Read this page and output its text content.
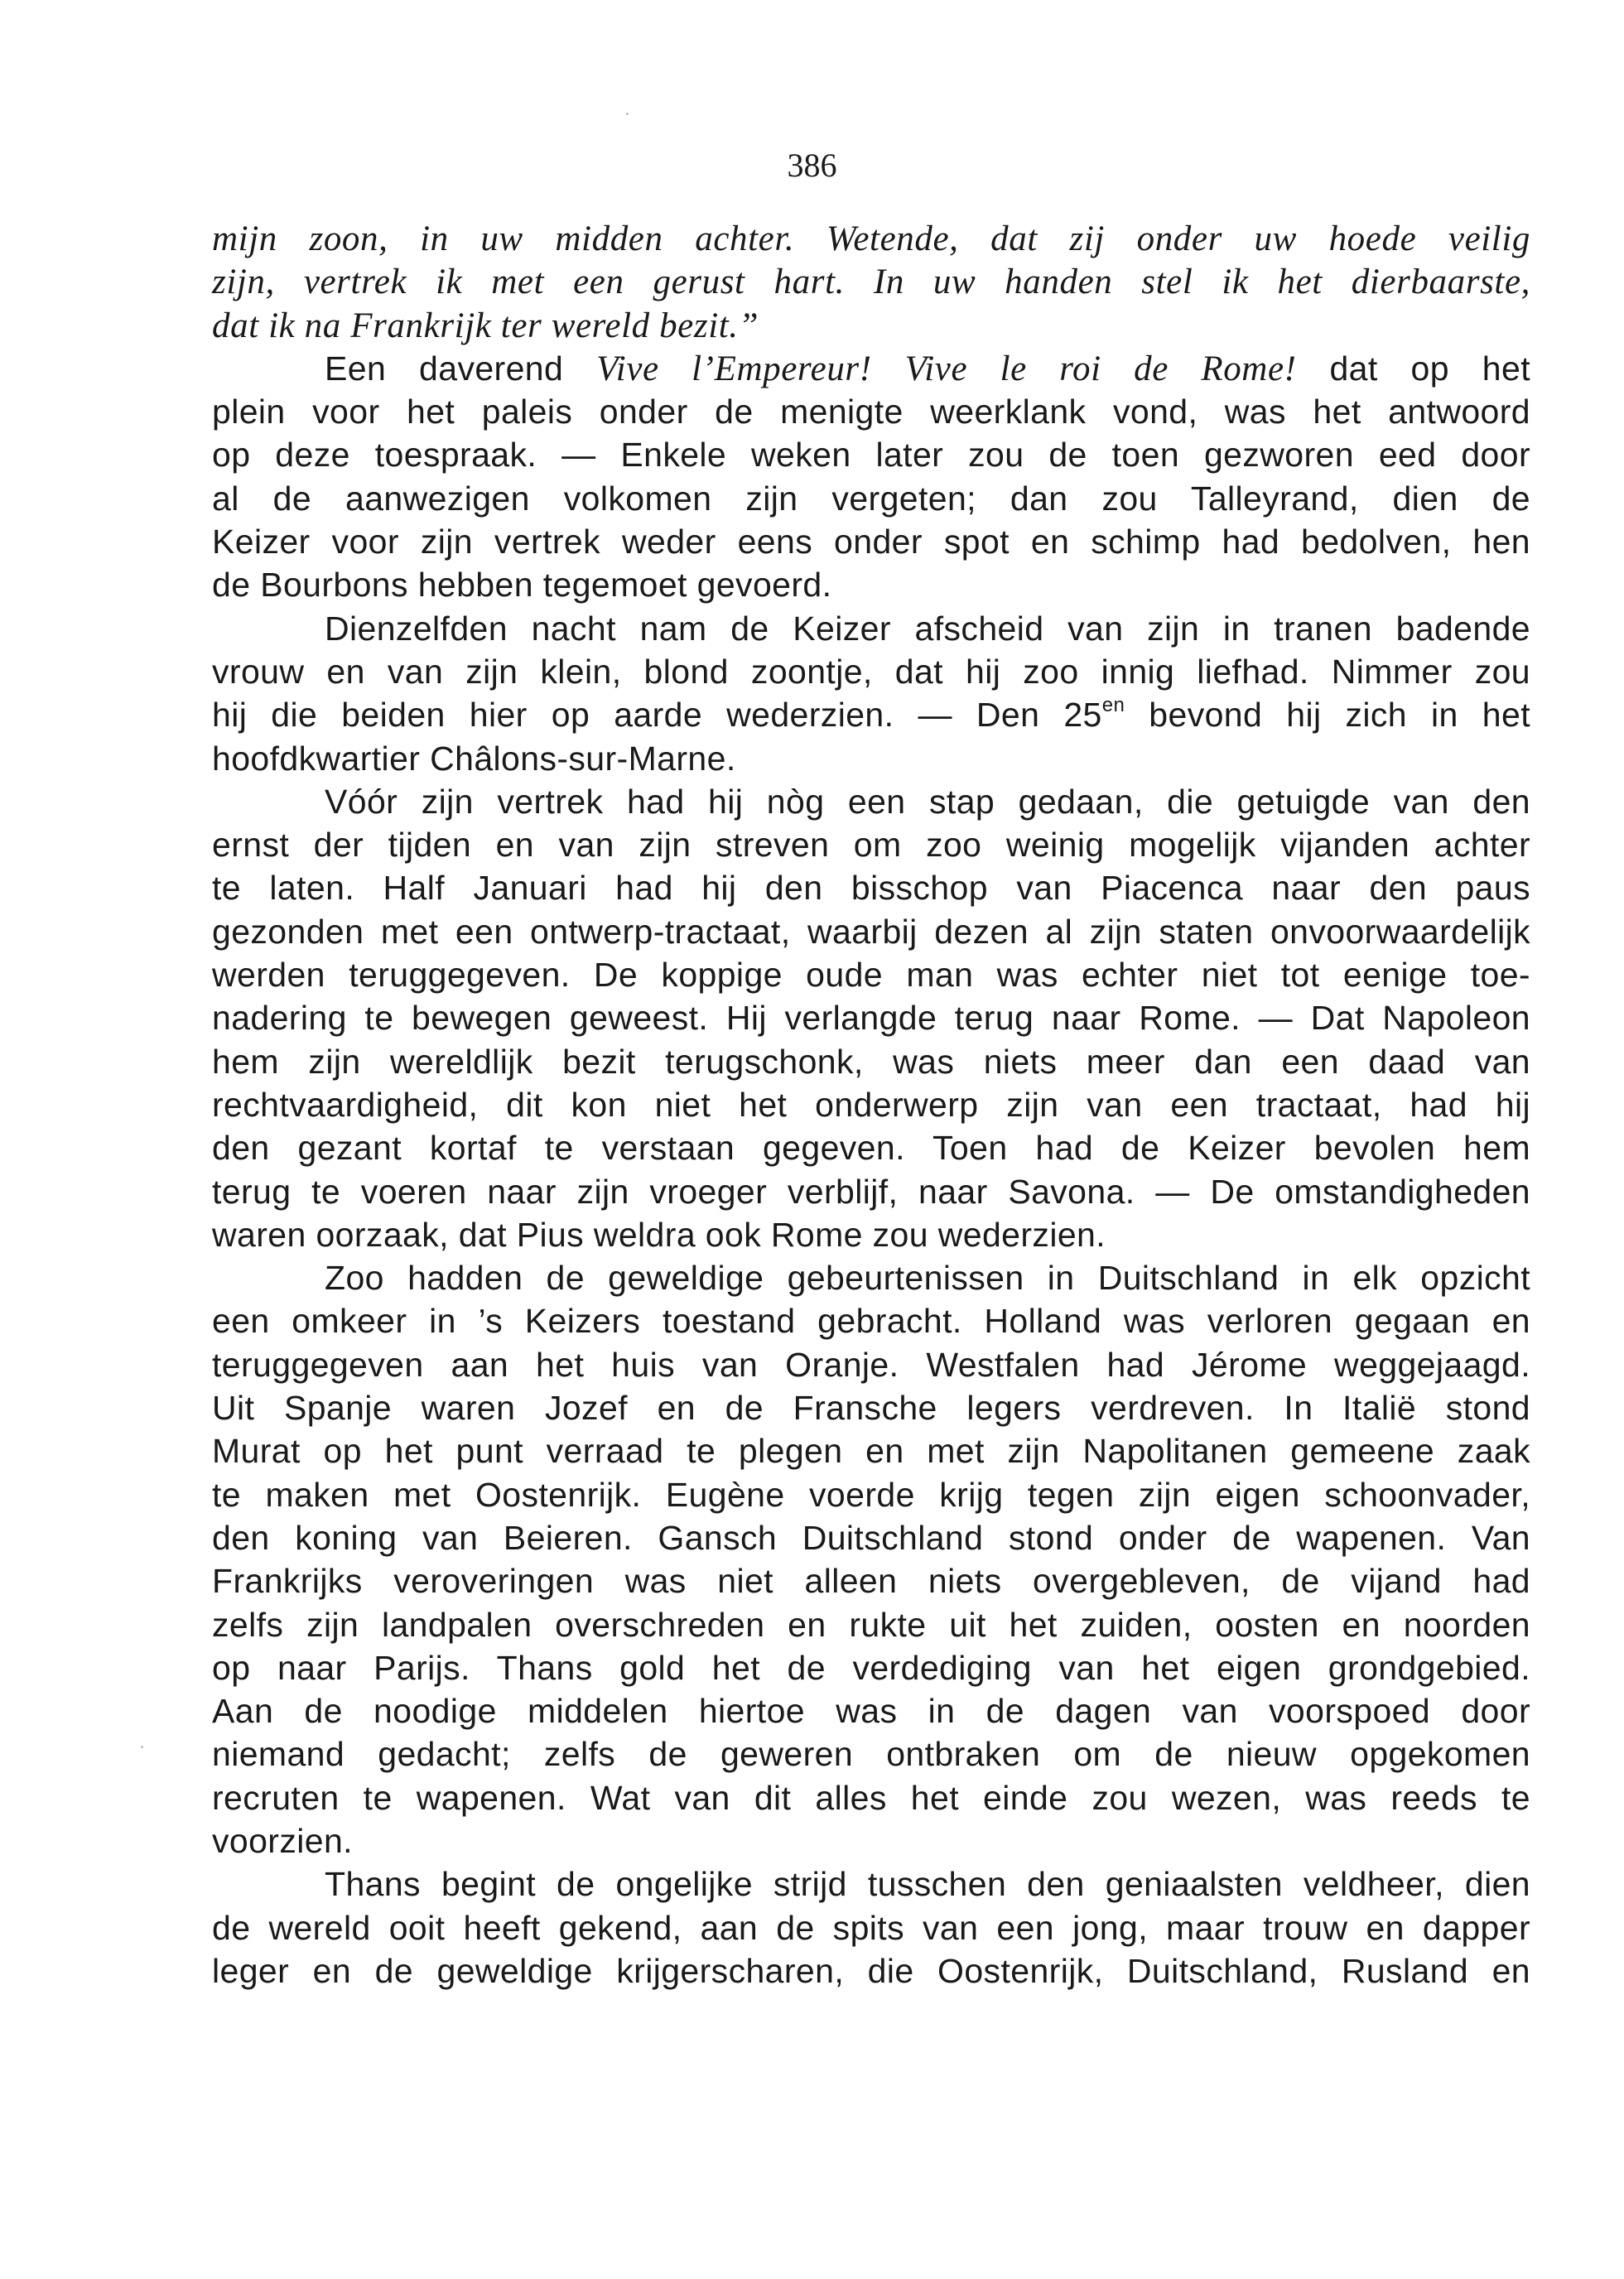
386
mijn zoon, in uw midden achter. Wetende, dat zij onder uw hoede veilig
zijn, vertrek ik met een gerust hart. In uw handen stel ik het dierbaarste,
dat ik na Frankrijk ter wereld bezit.”
Een daverend Vive l’Empereur! Vive le roi de Rome! dat op het
plein voor het paleis onder de menigte weerklank vond, was het antwoord
op deze toespraak. — Enkele weken later zou de toen gezworen eed door
al de aanwezigen volkomen zijn vergeten; dan zou Talleyrand, dien de
Keizer voor zijn vertrek weder eens onder spot en schimp had bedolven, hen
de Bourbons hebben tegemoet gevoerd.
Dienzelfden nacht nam de Keizer afscheid van zijn in tranen badende
vrouw en van zijn klein, blond zoontje, dat hij zoo innig liefhad. Nimmer zou
hij die beiden hier op aarde wederzien. — Den $25^{en}$ bevond hij zich in het
hoofdkwartier Châlons-sur-Marne.
Vóór zijn vertrek had hij nòg een stap gedaan, die getuigde van den
ernst der tijden en van zijn streven om zoo weinig mogelijk vijanden achter
te laten. Half Januari had hij den bisschop van Piacenca naar den paus
gezonden met een ontwerp-tractaat, waarbij dezen al zijn staten onvoorwaardelijk
werden teruggegeven. De koppige oude man was echter niet tot eenige toe-
nadering te bewegen geweest. Hij verlangde terug naar Rome. — Dat Napoleon
hem zijn wereldlijk bezit terugschonk, was niets meer dan een daad van
rechtvaardigheid, dit kon niet het onderwerp zijn van een tractaat, had hij
den gezant kortaf te verstaan gegeven. Toen had de Keizer bevolen hem
terug te voeren naar zijn vroeger verblijf, naar Savona. — De omstandigheden
waren oorzaak, dat Pius weldra ook Rome zou wederzien.
Zoo hadden de geweldige gebeurtenissen in Duitschland in elk opzicht
een omkeer in ’s Keizers toestand gebracht. Holland was verloren gegaan en
teruggegeven aan het huis van Oranje. Westfalen had Jérome weggejaagd.
Uit Spanje waren Jozef en de Fransche legers verdreven. In Italië stond
Murat op het punt verraad te plegen en met zijn Napolitanen gemeene zaak
te maken met Oostenrijk. Eugène voerde krijg tegen zijn eigen schoonvader,
den koning van Beieren. Gansch Duitschland stond onder de wapenen. Van
Frankrijks veroveringen was niet alleen niets overgebleven, de vijand had
zelfs zijn landpalen overschreden en rukte uit het zuiden, oosten en noorden
op naar Parijs. Thans gold het de verdediging van het eigen grondgebied.
Aan de noodige middelen hiertoe was in de dagen van voorspoed door
niemand gedacht; zelfs de geweren ontbraken om de nieuw opgekomen
recruten te wapenen. Wat van dit alles het einde zou wezen, was reeds te
voorzien.
Thans begint de ongelijke strijd tusschen den geniaalsten veldheer, dien
de wereld ooit heeft gekend, aan de spits van een jong, maar trouw en dapper
leger en de geweldige krijgerscharen, die Oostenrijk, Duitschland, Rusland en
